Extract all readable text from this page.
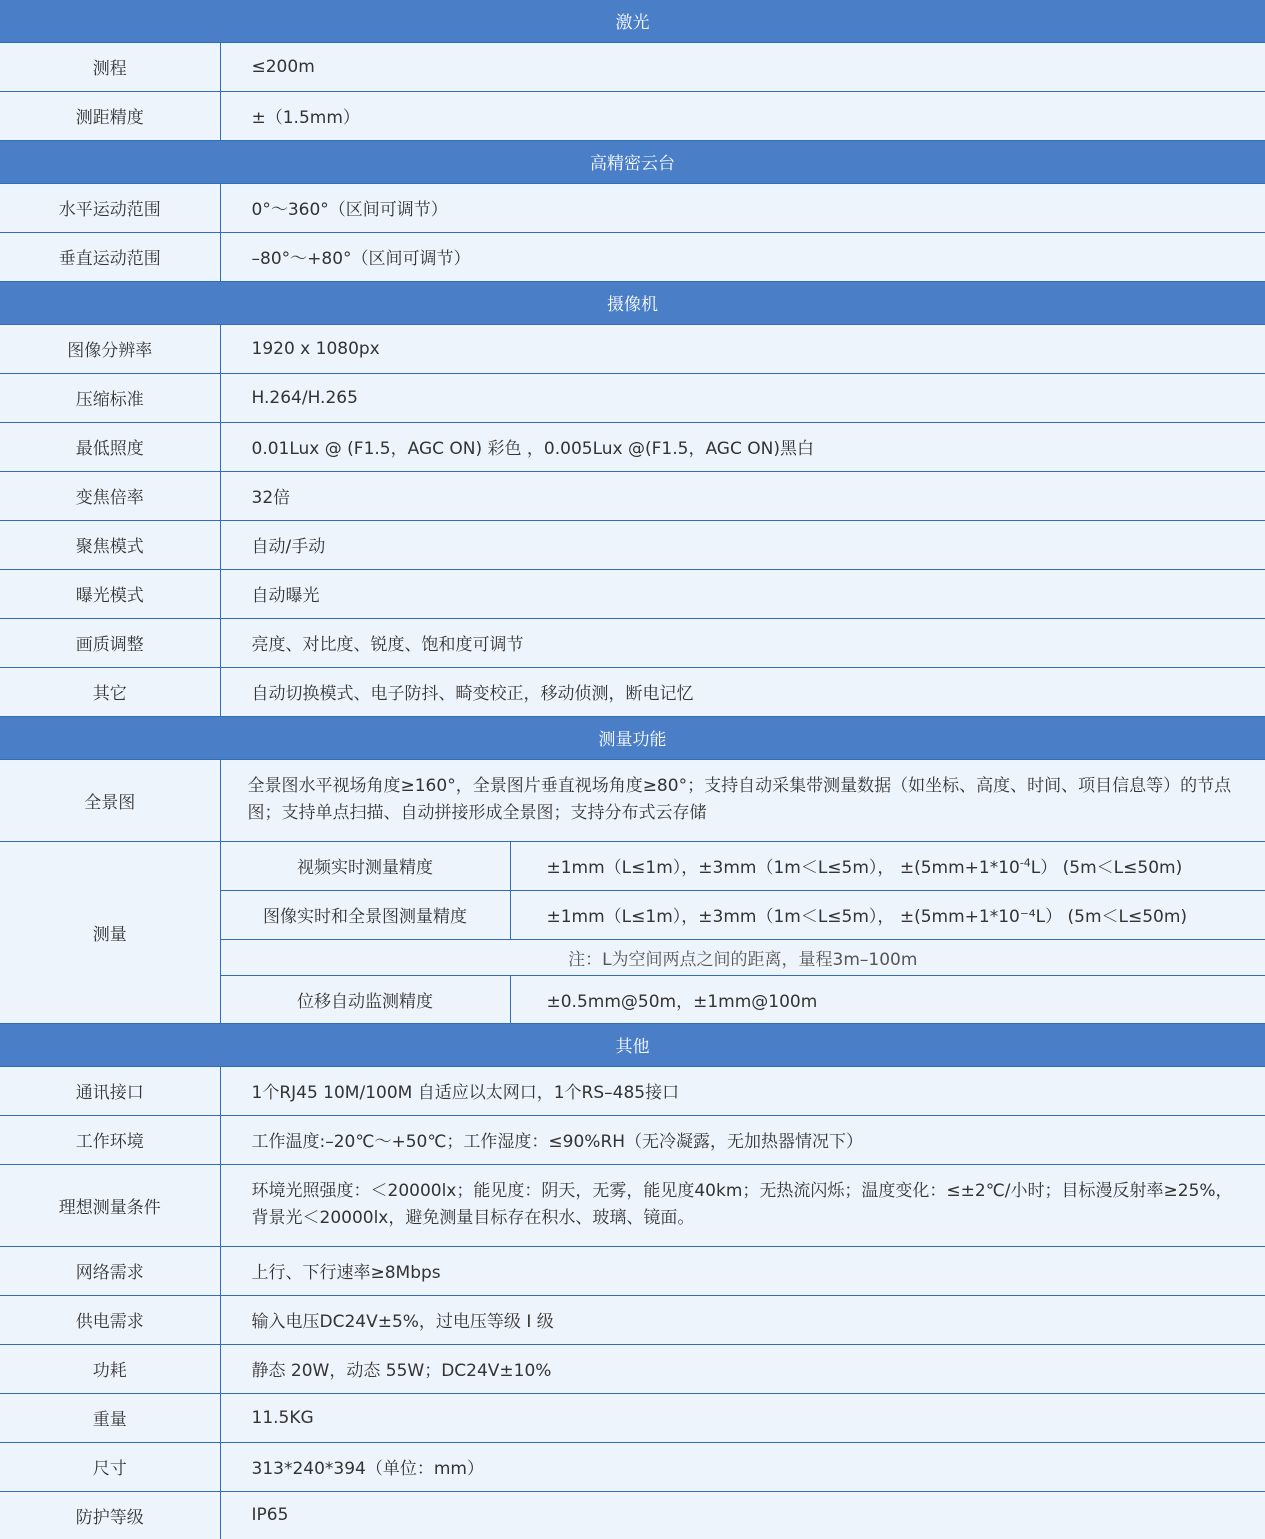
激光		
测程	≤200m	
测距精度	±（1.5mm）	
高精密云台		
水平运动范围	0°～360°（区间可调节）	
垂直运动范围	–80°～+80°（区间可调节）	
摄像机		
图像分辨率	1920 x 1080px	
压缩标准	H.264/H.265	
最低照度	0.01Lux @ (F1.5，AGC ON) 彩色 ，0.005Lux @(F1.5，AGC ON)黑白	
变焦倍率	32倍	
聚焦模式	自动/手动	
曝光模式	自动曝光	
画质调整	亮度、对比度、锐度、饱和度可调节	
其它	自动切换模式、电子防抖、畸变校正，移动侦测，断电记忆	
测量功能		
全景图	全景图水平视场角度≥160°，全景图片垂直视场角度≥80°；支持自动采集带测量数据（如坐标、高度、时间、项目信息等）的节点图；支持单点扫描、自动拼接形成全景图；支持分布式云存储	
测量	视频实时测量精度	±1mm（L≤1m），±3mm（1m＜L≤5m）， $\pm(5mm+1*10^{-4}L)$ (5m＜L≤50m)
	图像实时和全景图测量精度	±1mm（L≤1m），±3mm（1m＜L≤5m）， ±(5mm+1*10⁻⁴L） (5m＜L≤50m)
	注：L为空间两点之间的距离，量程3m–100m	
	位移自动监测精度	±0.5mm@50m，±1mm@100m
其他		
通讯接口	1个RJ45 10M/100M 自适应以太网口，1个RS–485接口	
工作环境	工作温度:–20℃～+50℃；工作湿度：≤90%RH（无冷凝露，无加热器情况下）	
理想测量条件	环境光照强度：＜20000lx；能见度：阴天，无雾，能见度40km；无热流闪烁；温度变化：≤±2℃/小时；目标漫反射率≥25%，背景光＜20000lx，避免测量目标存在积水、玻璃、镜面。	
网络需求	上行、下行速率≥8Mbps	
供电需求	输入电压DC24V±5%，过电压等级 I 级	
功耗	静态 20W，动态 55W；DC24V±10%	
重量	11.5KG	
尺寸	313*240*394（单位：mm）	
防护等级	IP65	
